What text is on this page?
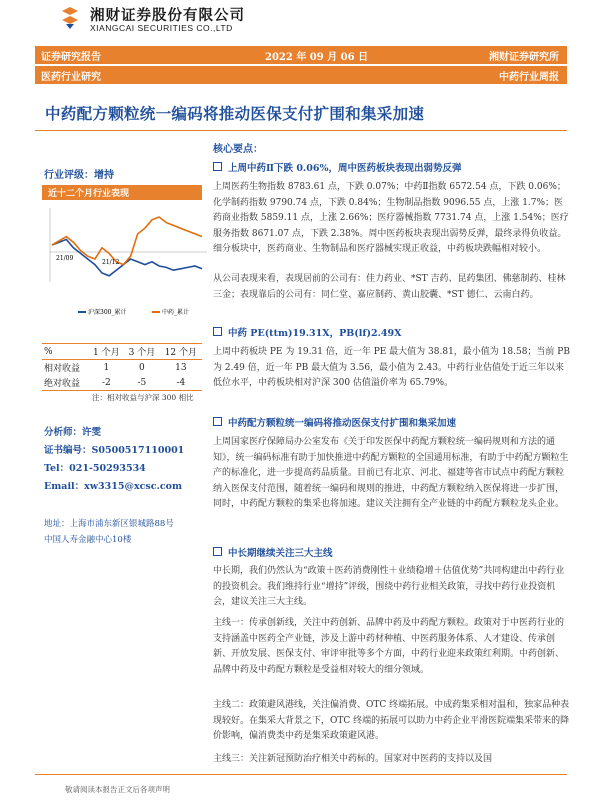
湘财证券股份有限公司
XIANGCAI SECURITIES CO.,LTD
证券研究报告	2022 年 09 月 06 日	湘财证券研究所
医药行业研究	中药行业周报
中药配方颗粒统一编码将推动医保支付扩围和集采加速
行业评级：增持
近十二个月行业表现
21/09
21/12
沪深300_累计	中药_累计
%	1 个月	3 个月	12 个月
相对收益	1	0	13
绝对收益	-2	-5	-4
注：相对收益与沪深 300 相比
分析师：许雯
证书编号：S0500517110001
Tel：021-50293534
Email：xw3315@xcsc.com
地址：上海市浦东新区银城路88号
中国人寿金融中心10楼
核心要点：
上周中药Ⅱ下跌 0.06%，周中医药板块表现出弱势反弹

上周医药生物指数 8783.61 点，下跌 0.07%；中药Ⅱ指数 6572.54 点，下跌 0.06%；化学制药指数 9790.74 点，下跌 0.84%；生物制品指数 9096.55 点，上涨 1.7%；医药商业指数 5859.11 点，上涨 2.66%；医疗器械指数 7731.74 点，上涨 1.54%；医疗服务指数 8671.07 点，下跌 2.38%。周中医药板块表现出弱势反弹，最终录得负收益。细分板块中，医药商业、生物制品和医疗器械实现正收益，中药板块跌幅相对较小。

从公司表现来看，表现居前的公司有：佳力药业、*ST 吉药、昆药集团、佛慈制药、桂林三金；表现靠后的公司有：同仁堂、嘉应制药、黄山胶囊、*ST 德仁、云南白药。

中药 PE(ttm)19.31X，PB(lf)2.49X

上周中药板块 PE 为 19.31 倍，近一年 PE 最大值为 38.81，最小值为 18.58；当前 PB 为 2.49 倍，近一年 PB 最大值为 3.56，最小值为 2.43。中药行业估值处于近三年以来低位水平，中药板块相对沪深 300 估值溢价率为 65.79%。

中药配方颗粒统一编码将推动医保支付扩围和集采加速

上周国家医疗保障局办公室发布《关于印发医保中药配方颗粒统一编码规则和方法的通知》，统一编码标准有助于加快推进中药配方颗粒的全国通用标准，有助于中药配方颗粒生产的标准化，进一步提高药品质量。目前已有北京、河北、福建等省市试点中药配方颗粒纳入医保支付范围，随着统一编码和规则的推进，中药配方颗粒纳入医保将进一步扩围，同时，中药配方颗粒的集采也将加速。建议关注拥有全产业链的中药配方颗粒龙头企业。

中长期继续关注三大主线

中长期，我们仍然认为“政策＋医药消费刚性＋业绩稳增＋估值优势”共同构建出中药行业的投资机会。我们维持行业“增持”评级，围绕中药行业相关政策，寻找中药行业投资机会，建议关注三大主线。

主线一：传承创新线，关注中药创新、品牌中药及中药配方颗粒。政策对于中医药行业的支持涵盖中医药全产业链，涉及上游中药材种植、中医药服务体系、人才建设、传承创新、开放发展、医保支付、审评审批等多个方面，中药行业迎来政策红利期。中药创新、品牌中药及中药配方颗粒是受益相对较大的细分领域。

主线二：政策避风港线，关注偏消费、OTC 终端拓展。中成药集采相对温和，独家品种表现较好。在集采大背景之下，OTC 终端的拓展可以助力中药企业平滑医院端集采带来的降价影响，偏消费类中药是集采政策避风港。

主线三：关注新冠预防治疗相关中药标的。国家对中医药的支持以及国

敬请阅读本报告正文后各项声明
